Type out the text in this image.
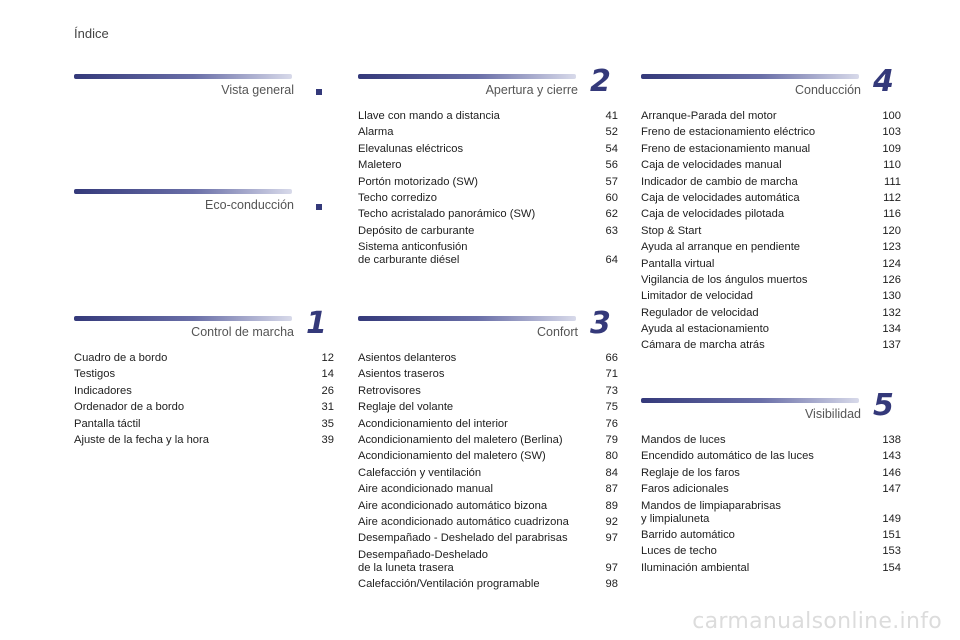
Índice
Vista general
Eco-conducción
Control de marcha 1
Cuadro de a bordo	12
Testigos	14
Indicadores	26
Ordenador de a bordo	31
Pantalla táctil	35
Ajuste de la fecha y la hora	39
Apertura y cierre 2
Llave con mando a distancia	41
Alarma	52
Elevalunas eléctricos	54
Maletero	56
Portón motorizado (SW)	57
Techo corredizo	60
Techo acristalado panorámico (SW)	62
Depósito de carburante	63
Sistema anticonfusión
de carburante diésel	64
Confort 3
Asientos delanteros	66
Asientos traseros	71
Retrovisores	73
Reglaje del volante	75
Acondicionamiento del interior	76
Acondicionamiento del maletero (Berlina)	79
Acondicionamiento del maletero (SW)	80
Calefacción y ventilación	84
Aire acondicionado manual	87
Aire acondicionado automático bizona	89
Aire acondicionado automático cuadrizona	92
Desempañado - Deshelado del parabrisas	97
Desempañado-Deshelado
de la luneta trasera	97
Calefacción/Ventilación programable	98
Conducción 4
Arranque-Parada del motor	100
Freno de estacionamiento eléctrico	103
Freno de estacionamiento manual	109
Caja de velocidades manual	110
Indicador de cambio de marcha	111
Caja de velocidades automática	112
Caja de velocidades pilotada	116
Stop & Start	120
Ayuda al arranque en pendiente	123
Pantalla virtual	124
Vigilancia de los ángulos muertos	126
Limitador de velocidad	130
Regulador de velocidad	132
Ayuda al estacionamiento	134
Cámara de marcha atrás	137
Visibilidad 5
Mandos de luces	138
Encendido automático de las luces	143
Reglaje de los faros	146
Faros adicionales	147
Mandos de limpiaparabrisas
y limpialuneta	149
Barrido automático	151
Luces de techo	153
Iluminación ambiental	154
carmanualsonline.info
